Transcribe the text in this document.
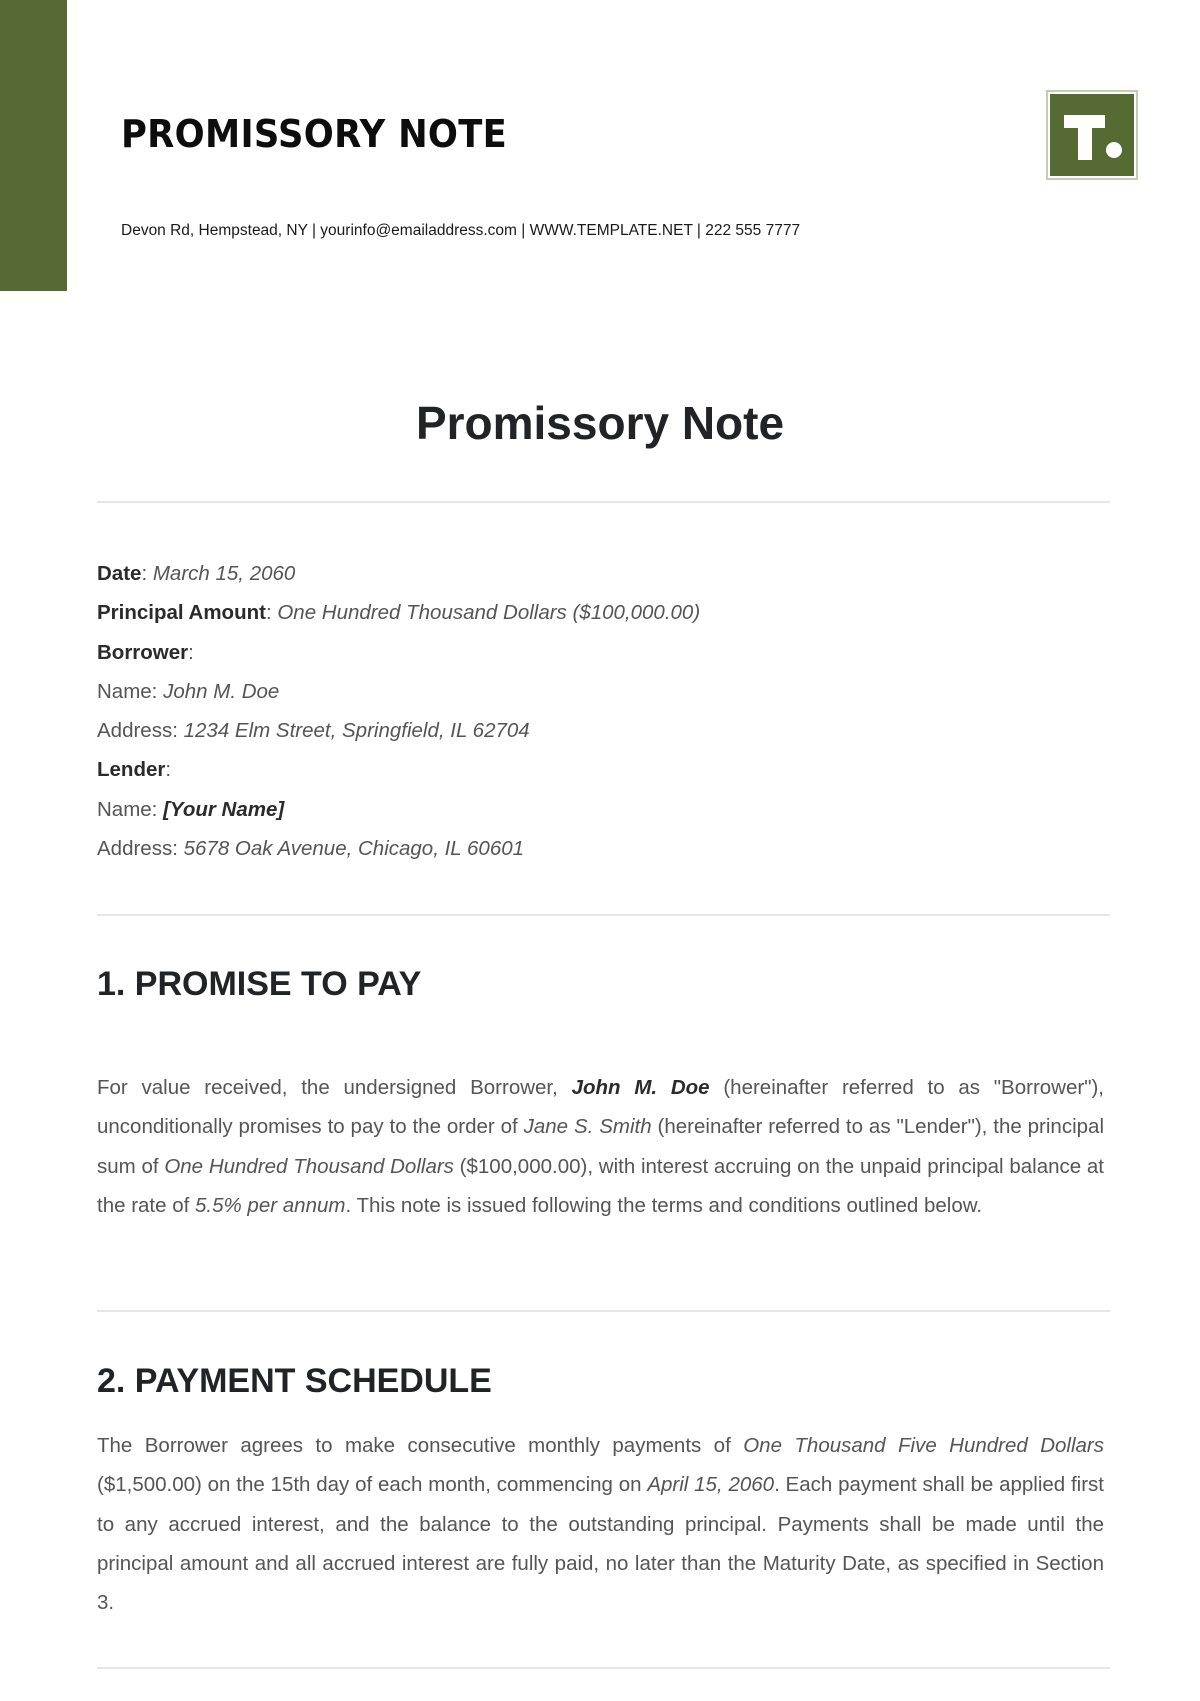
PROMISSORY NOTE
Devon Rd, Hempstead, NY | yourinfo@emailaddress.com | WWW.TEMPLATE.NET | 222 555 7777
Promissory Note
Date: March 15, 2060
Principal Amount: One Hundred Thousand Dollars ($100,000.00)
Borrower:
Name: John M. Doe
Address: 1234 Elm Street, Springfield, IL 62704
Lender:
Name: [Your Name]
Address: 5678 Oak Avenue, Chicago, IL 60601
1. PROMISE TO PAY
For value received, the undersigned Borrower, John M. Doe (hereinafter referred to as "Borrower"), unconditionally promises to pay to the order of Jane S. Smith (hereinafter referred to as "Lender"), the principal sum of One Hundred Thousand Dollars ($100,000.00), with interest accruing on the unpaid principal balance at the rate of 5.5% per annum. This note is issued following the terms and conditions outlined below.
2. PAYMENT SCHEDULE
The Borrower agrees to make consecutive monthly payments of One Thousand Five Hundred Dollars ($1,500.00) on the 15th day of each month, commencing on April 15, 2060. Each payment shall be applied first to any accrued interest, and the balance to the outstanding principal. Payments shall be made until the principal amount and all accrued interest are fully paid, no later than the Maturity Date, as specified in Section 3.
